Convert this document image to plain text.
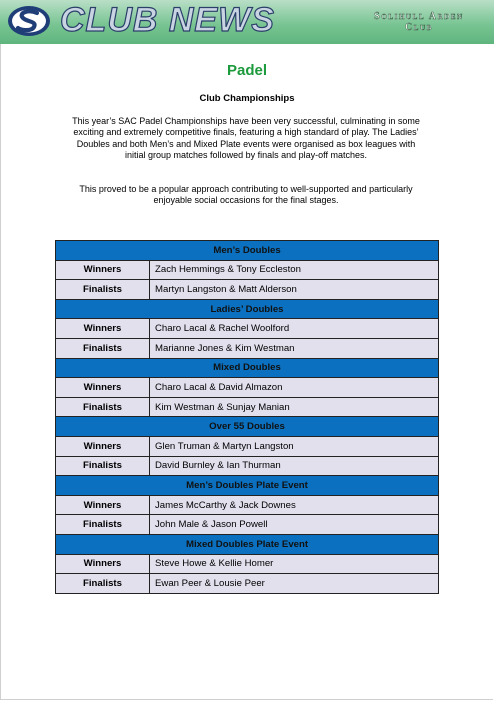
CLUB NEWS	Solihull Arden
Club
Padel
Club Championships
This year’s SAC Padel Championships have been very successful, culminating in some exciting and extremely competitive finals, featuring a high standard of play. The Ladies’ Doubles and both Men’s and Mixed Plate events were organised as box leagues with initial group matches followed by finals and play-off matches.
This proved to be a popular approach contributing to well-supported and particularly enjoyable social occasions for the final stages.
Men’s Doubles	
Winners	Zach Hemmings & Tony Eccleston
Finalists	Martyn Langston & Matt Alderson
Ladies’ Doubles	
Winners	Charo Lacal & Rachel Woolford
Finalists	Marianne Jones & Kim Westman
Mixed Doubles	
Winners	Charo Lacal & David Almazon
Finalists	Kim Westman & Sunjay Manian
Over 55 Doubles	
Winners	Glen Truman & Martyn Langston
Finalists	David Burnley & Ian Thurman
Men’s Doubles Plate Event	
Winners	James McCarthy & Jack Downes
Finalists	John Male & Jason Powell
Mixed Doubles Plate Event	
Winners	Steve Howe & Kellie Homer
Finalists	Ewan Peer & Lousie Peer
